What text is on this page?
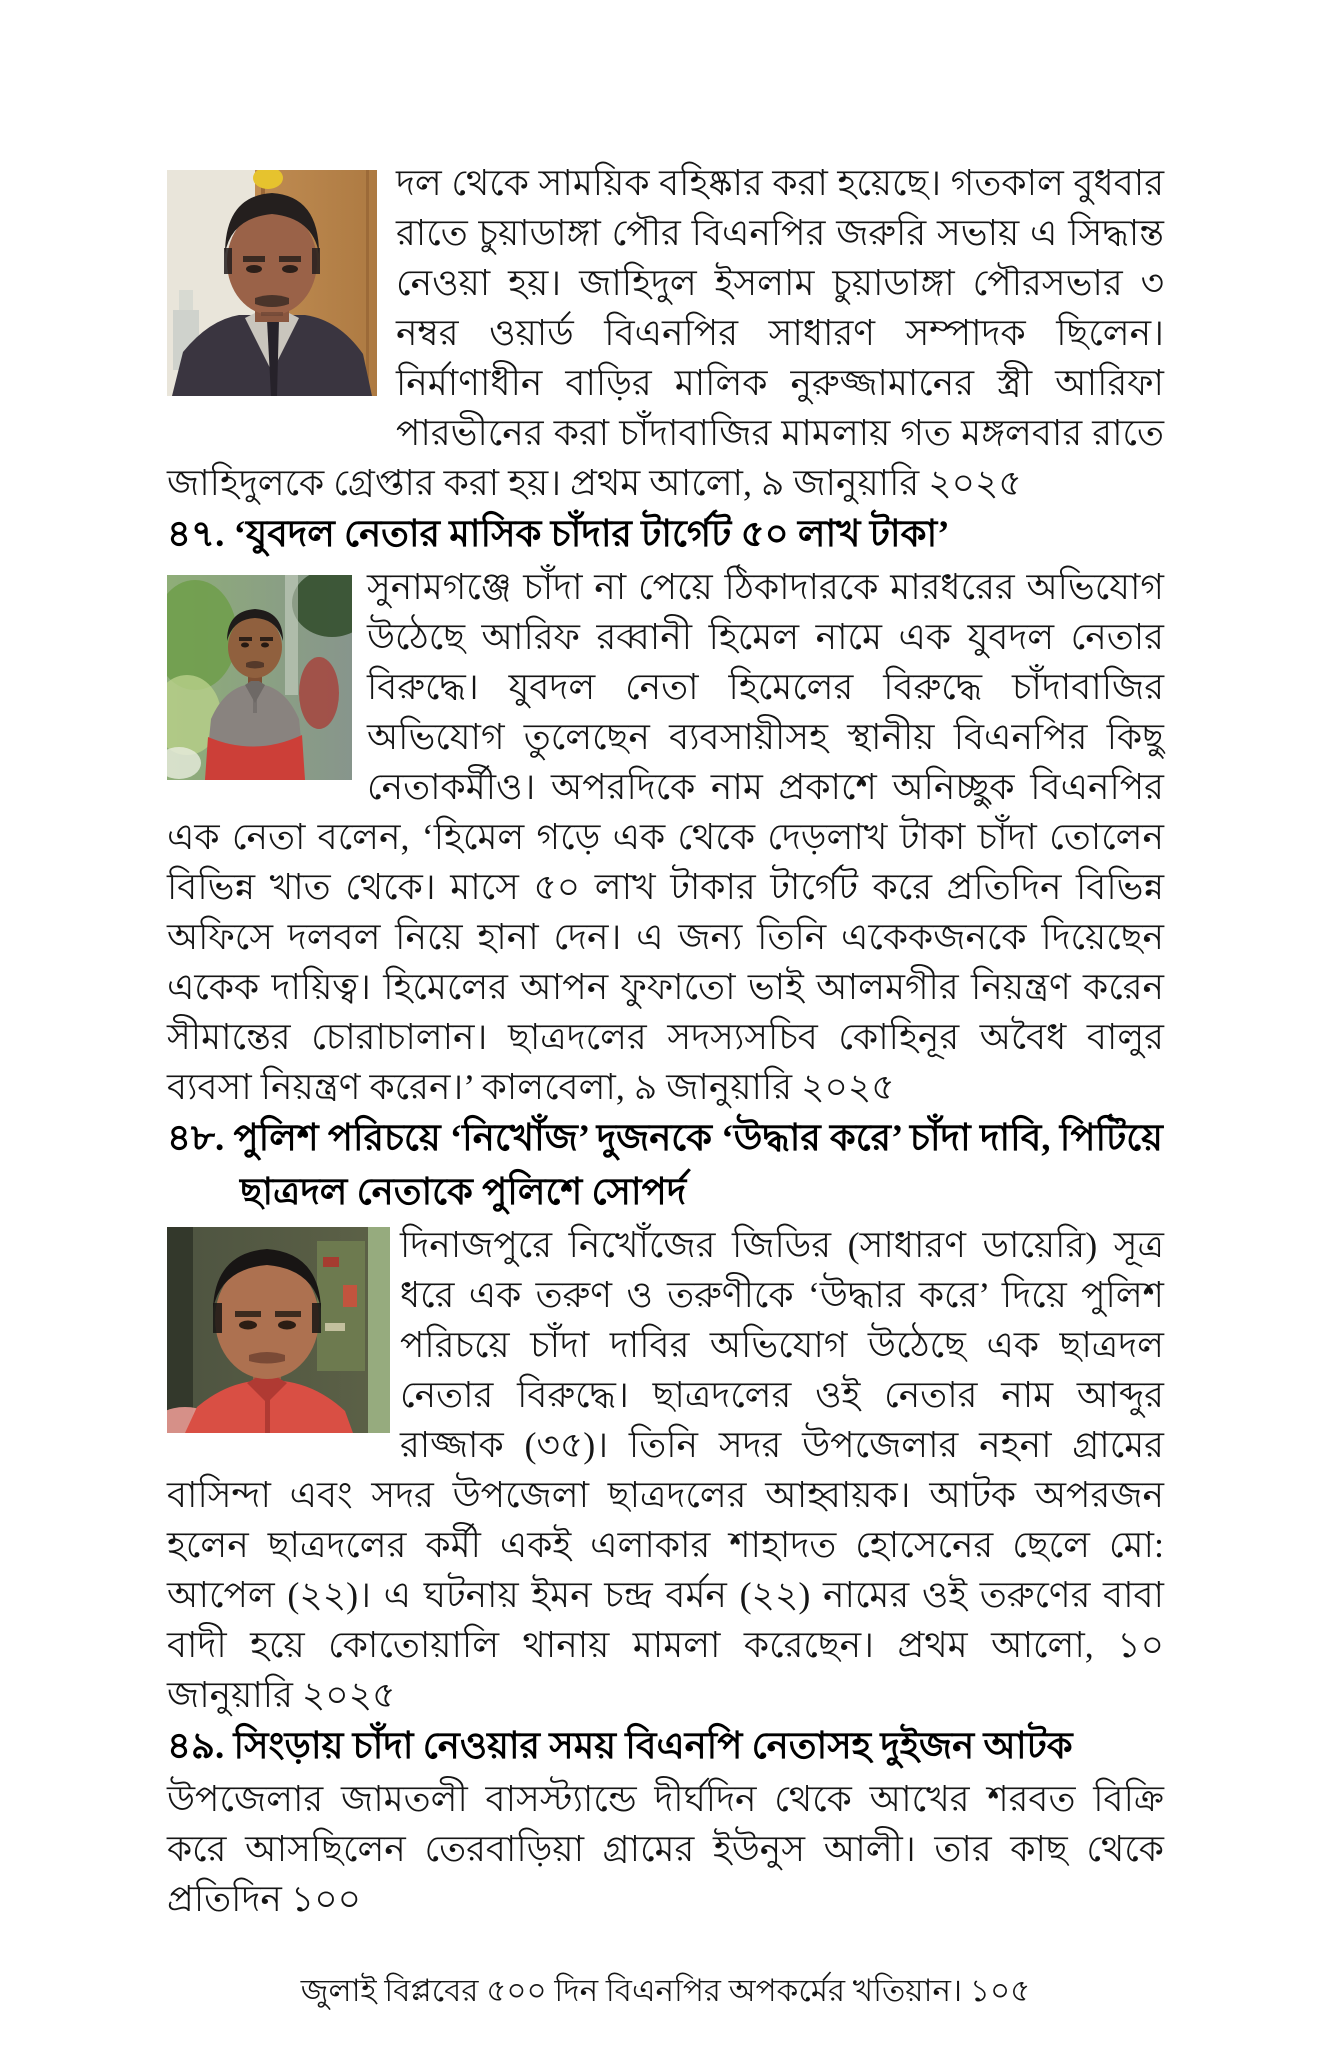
দল থেকে সাময়িক বহিষ্কার করা হয়েছে। গতকাল বুধবার রাতে চুয়াডাঙ্গা পৌর বিএনপির জরুরি সভায় এ সিদ্ধান্ত নেওয়া হয়। জাহিদুল ইসলাম চুয়াডাঙ্গা পৌরসভার ৩ নম্বর ওয়ার্ড বিএনপির সাধারণ সম্পাদক ছিলেন। নির্মাণাধীন বাড়ির মালিক নুরুজ্জামানের স্ত্রী আরিফা পারভীনের করা চাঁদাবাজির মামলায় গত মঙ্গলবার রাতে জাহিদুলকে গ্রেপ্তার করা হয়। প্রথম আলো, ৯ জানুয়ারি ২০২৫

৪৭. ‘যুবদল নেতার মাসিক চাঁদার টার্গেট ৫০ লাখ টাকা’

সুনামগঞ্জে চাঁদা না পেয়ে ঠিকাদারকে মারধরের অভিযোগ উঠেছে আরিফ রব্বানী হিমেল নামে এক যুবদল নেতার বিরুদ্ধে। যুবদল নেতা হিমেলের বিরুদ্ধে চাঁদাবাজির অভিযোগ তুলেছেন ব্যবসায়ীসহ স্থানীয় বিএনপির কিছু নেতাকর্মীও। অপরদিকে নাম প্রকাশে অনিচ্ছুক বিএনপির এক নেতা বলেন, ‘হিমেল গড়ে এক থেকে দেড়লাখ টাকা চাঁদা তোলেন বিভিন্ন খাত থেকে। মাসে ৫০ লাখ টাকার টার্গেট করে প্রতিদিন বিভিন্ন অফিসে দলবল নিয়ে হানা দেন। এ জন্য তিনি একেকজনকে দিয়েছেন একেক দায়িত্ব। হিমেলের আপন ফুফাতো ভাই আলমগীর নিয়ন্ত্রণ করেন সীমান্তের চোরাচালান। ছাত্রদলের সদস্যসচিব কোহিনূর অবৈধ বালুর ব্যবসা নিয়ন্ত্রণ করেন।’ কালবেলা, ৯ জানুয়ারি ২০২৫

৪৮. পুলিশ পরিচয়ে ‘নিখোঁজ’ দুজনকে ‘উদ্ধার করে’ চাঁদা দাবি, পিটিয়ে ছাত্রদল নেতাকে পুলিশে সোপর্দ

দিনাজপুরে নিখোঁজের জিডির (সাধারণ ডায়েরি) সূত্র ধরে এক তরুণ ও তরুণীকে ‘উদ্ধার করে’ দিয়ে পুলিশ পরিচয়ে চাঁদা দাবির অভিযোগ উঠেছে এক ছাত্রদল নেতার বিরুদ্ধে। ছাত্রদলের ওই নেতার নাম আব্দুর রাজ্জাক (৩৫)। তিনি সদর উপজেলার নহনা গ্রামের বাসিন্দা এবং সদর উপজেলা ছাত্রদলের আহ্বায়ক। আটক অপরজন হলেন ছাত্রদলের কর্মী একই এলাকার শাহাদত হোসেনের ছেলে মো: আপেল (২২)। এ ঘটনায় ইমন চন্দ্র বর্মন (২২) নামের ওই তরুণের বাবা বাদী হয়ে কোতোয়ালি থানায় মামলা করেছেন। প্রথম আলো, ১০ জানুয়ারি ২০২৫

৪৯. সিংড়ায় চাঁদা নেওয়ার সময় বিএনপি নেতাসহ দুইজন আটক

উপজেলার জামতলী বাসস্ট্যান্ডে দীর্ঘদিন থেকে আখের শরবত বিক্রি করে আসছিলেন তেরবাড়িয়া গ্রামের ইউনুস আলী। তার কাছ থেকে প্রতিদিন ১০০

জুলাই বিপ্লবের ৫০০ দিন বিএনপির অপকর্মের খতিয়ান। ১০৫
